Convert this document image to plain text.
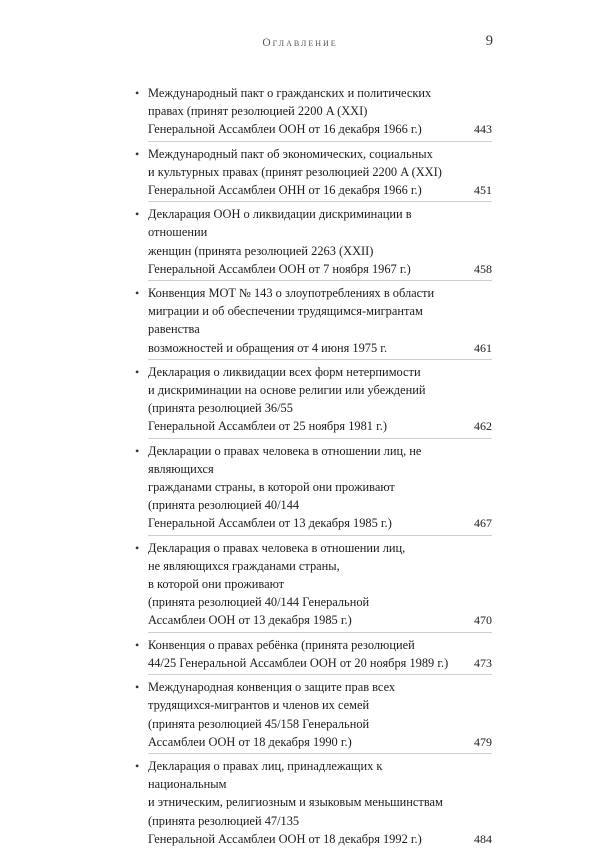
Оглавление	9
• Международный пакт о гражданских и политических
правах (принят резолюцией 2200 A (XXI)
Генеральной Ассамблеи ООН от 16 декабря 1966 г.)	443
• Международный пакт об экономических, социальных
и культурных правах (принят резолюцией 2200 A (XXI)
Генеральной Ассамблеи ОНН от 16 декабря 1966 г.)	451
• Декларация ООН о ликвидации дискриминации в отношении
женщин (принята резолюцией 2263 (XXII)
Генеральной Ассамблеи ООН от 7 ноября 1967 г.)	458
• Конвенция МОТ № 143 о злоупотреблениях в области
миграции и об обеспечении трудящимся-мигрантам равенства
возможностей и обращения от 4 июня 1975 г.	461
• Декларация о ликвидации всех форм нетерпимости
и дискриминации на основе религии или убеждений
(принята резолюцией 36/55
Генеральной Ассамблеи от 25 ноября 1981 г.)	462
• Декларации о правах человека в отношении лиц, не являющихся
гражданами страны, в которой они проживают
(принята резолюцией 40/144
Генеральной Ассамблеи от 13 декабря 1985 г.)	467
• Декларация о правах человека в отношении лиц,
не являющихся гражданами страны,
в которой они проживают
(принята резолюцией 40/144 Генеральной
Ассамблеи ООН от 13 декабря 1985 г.)	470
• Конвенция о правах ребёнка (принята резолюцией
44/25 Генеральной Ассамблеи ООН от 20 ноября 1989 г.)	473
• Международная конвенция о защите прав всех
трудящихся-мигрантов и членов их семей
(принята резолюцией 45/158 Генеральной
Ассамблеи ООН от 18 декабря 1990 г.)	479
• Декларация о правах лиц, принадлежащих к национальным
и этническим, религиозным и языковым меньшинствам
(принята резолюцией 47/135
Генеральной Ассамблеи ООН от 18 декабря 1992 г.)	484
